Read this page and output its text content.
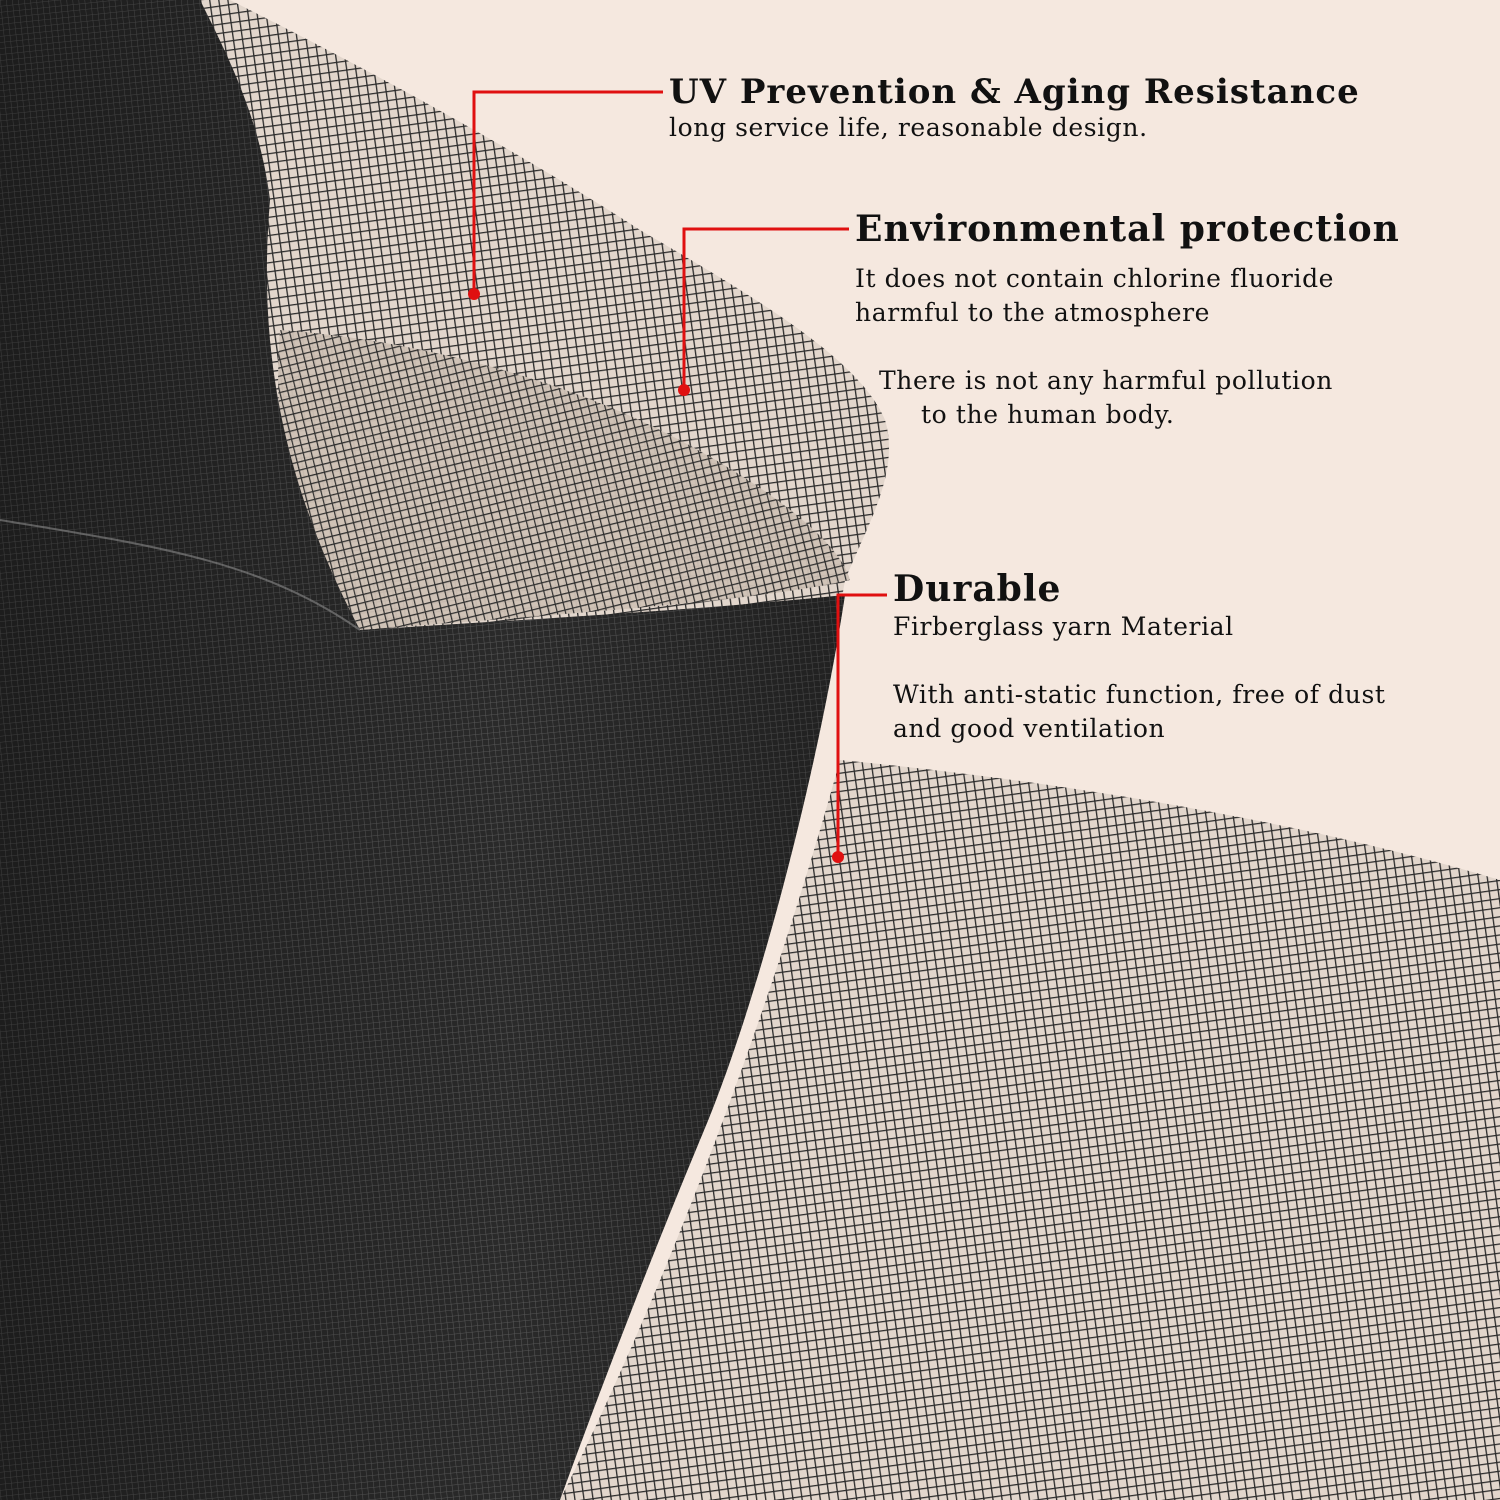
UV Prevention & Aging Resistance
long service life, reasonable design.
Environmental protection
It does not contain chlorine fluoride
harmful to the atmosphere
There is not any harmful pollution
to the human body.
Durable
Firberglass yarn Material
With anti-static function, free of dust
and good ventilation
